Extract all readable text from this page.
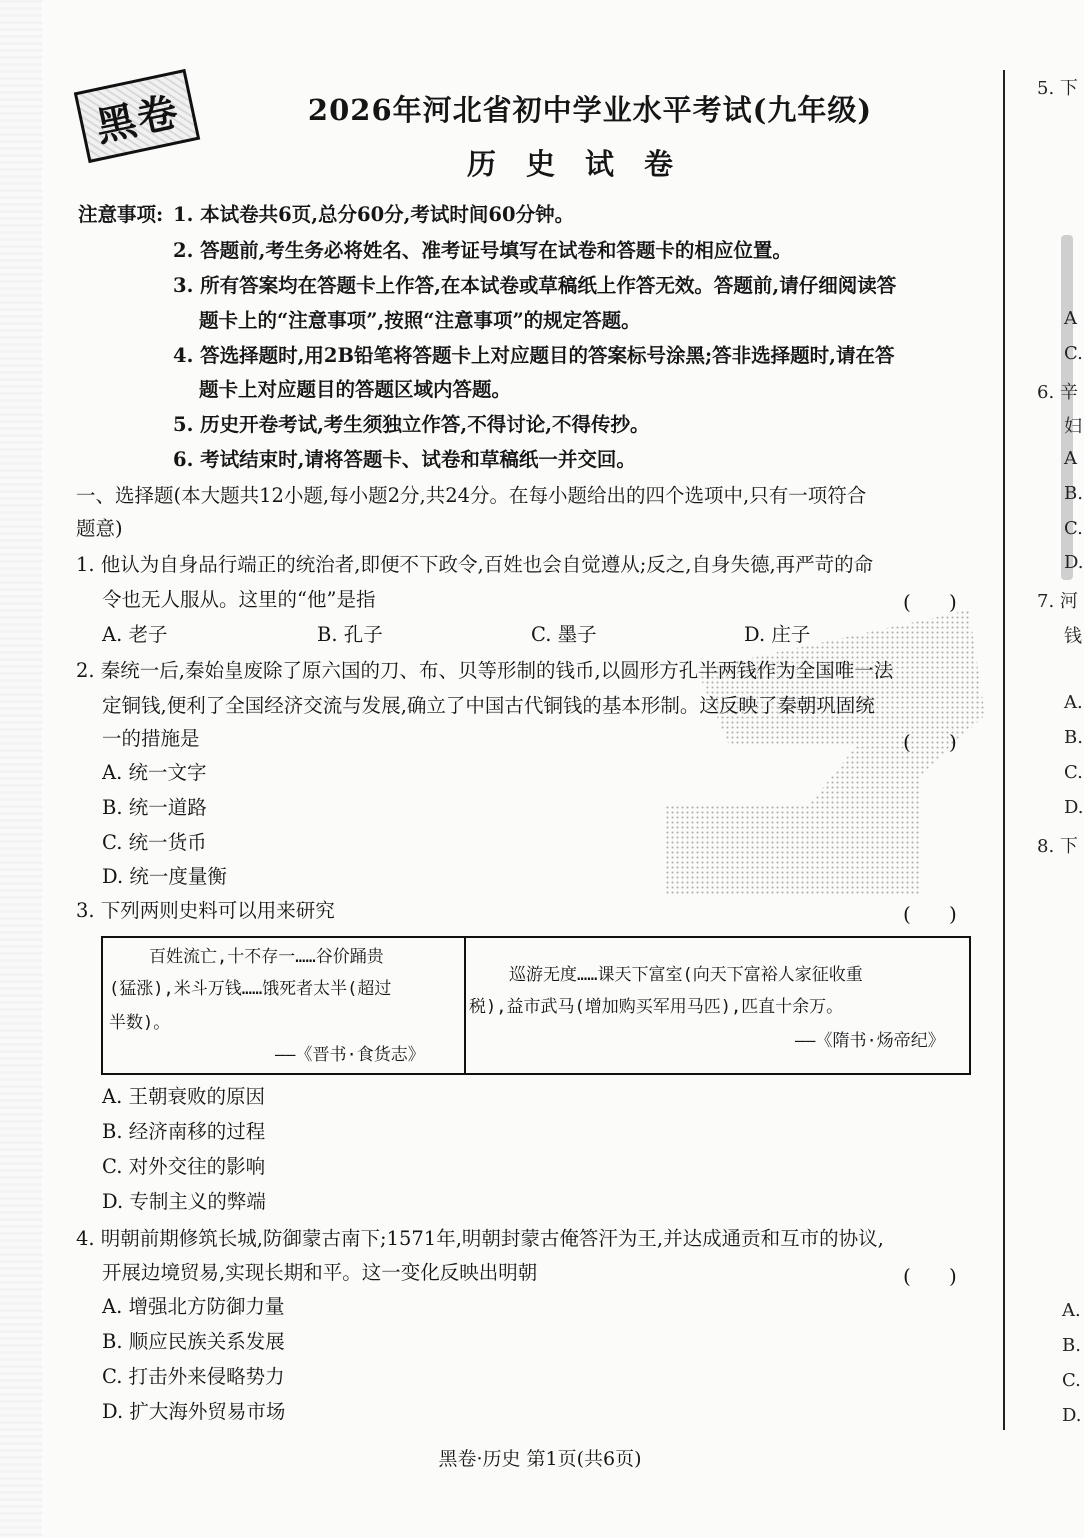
黑卷	2026年河北省初中学业水平考试(九年级)
历史试卷
注意事项: 1. 本试卷共6页,总分60分,考试时间60分钟。
2. 答题前,考生务必将姓名、准考证号填写在试卷和答题卡的相应位置。
3. 所有答案均在答题卡上作答,在本试卷或草稿纸上作答无效。答题前,请仔细阅读答
题卡上的“注意事项”,按照“注意事项”的规定答题。
4. 答选择题时,用2B铅笔将答题卡上对应题目的答案标号涂黑;答非选择题时,请在答
题卡上对应题目的答题区域内答题。
5. 历史开卷考试,考生须独立作答,不得讨论,不得传抄。
6. 考试结束时,请将答题卡、试卷和草稿纸一并交回。
一、选择题(本大题共12小题,每小题2分,共24分。在每小题给出的四个选项中,只有一项符合
题意)
1. 他认为自身品行端正的统治者,即便不下政令,百姓也会自觉遵从;反之,自身失德,再严苛的命
令也无人服从。这里的“他”是指	(      )
A. 老子	B. 孔子	C. 墨子	D. 庄子
2. 秦统一后,秦始皇废除了原六国的刀、布、贝等形制的钱币,以圆形方孔半两钱作为全国唯一法
定铜钱,便利了全国经济交流与发展,确立了中国古代铜钱的基本形制。这反映了秦朝巩固统
一的措施是	(      )
A. 统一文字
B. 统一道路
C. 统一货币
D. 统一度量衡
3. 下列两则史料可以用来研究	(      )
百姓流亡,十不存一……谷价踊贵
(猛涨),米斗万钱……饿死者太半(超过
半数)。
——《晋书·食货志》
巡游无度……课天下富室(向天下富裕人家征收重
税),益市武马(增加购买军用马匹),匹直十余万。
——《隋书·炀帝纪》
A. 王朝衰败的原因
B. 经济南移的过程
C. 对外交往的影响
D. 专制主义的弊端
4. 明朝前期修筑长城,防御蒙古南下;1571年,明朝封蒙古俺答汗为王,并达成通贡和互市的协议,
开展边境贸易,实现长期和平。这一变化反映出明朝	(      )
A. 增强北方防御力量
B. 顺应民族关系发展
C. 打击外来侵略势力
D. 扩大海外贸易市场
黑卷·历史 第1页(共6页)
5. 下
A
C.
6. 辛
妇
A
B.
C.
D.
7. 河
钱
A.
B.
C.
D.
8. 下
A.
B.
C.
D.
